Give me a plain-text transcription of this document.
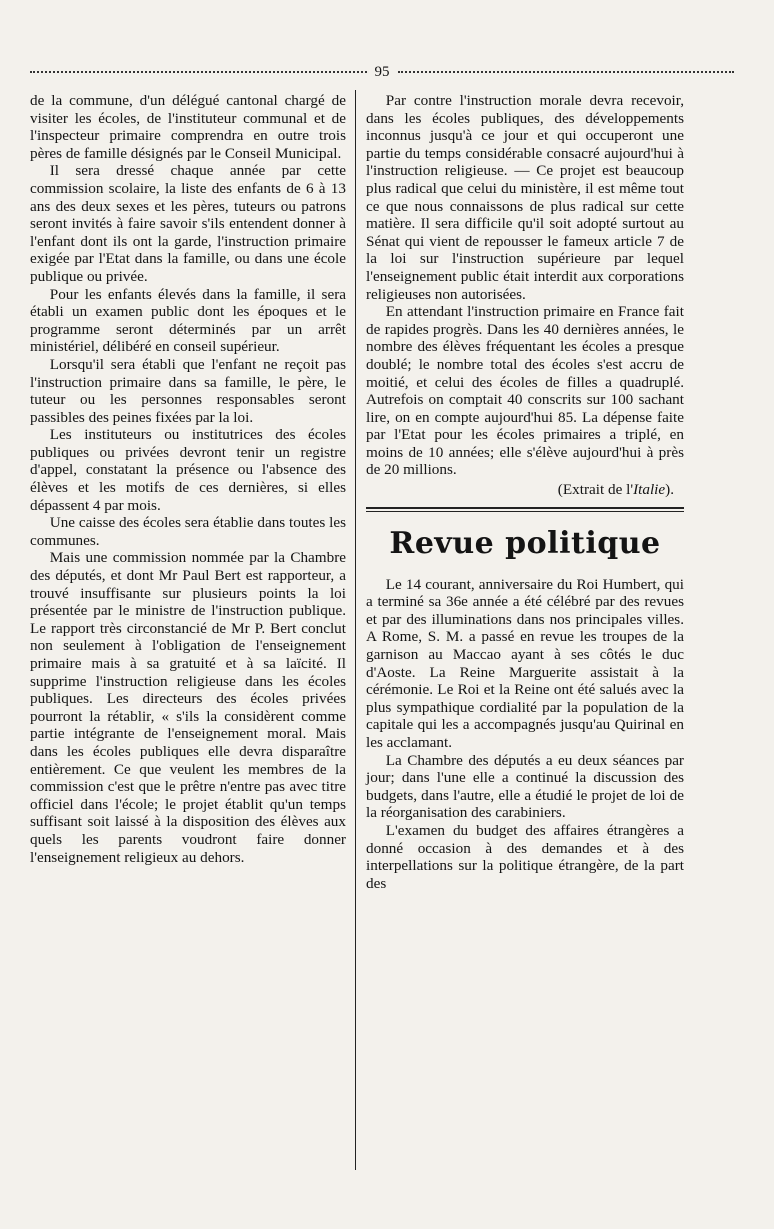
95

de la commune, d'un délégué cantonal chargé de visiter les écoles, de l'instituteur communal et de l'inspecteur primaire comprendra en outre trois pères de famille désignés par le Conseil Municipal.

Il sera dressé chaque année par cette commission scolaire, la liste des enfants de 6 à 13 ans des deux sexes et les pères, tuteurs ou patrons seront invités à faire savoir s'ils entendent donner à l'enfant dont ils ont la garde, l'instruction primaire exigée par l'Etat dans la famille, ou dans une école publique ou privée.

Pour les enfants élevés dans la famille, il sera établi un examen public dont les époques et le programme seront déterminés par un arrêt ministériel, délibéré en conseil supérieur.

Lorsqu'il sera établi que l'enfant ne reçoit pas l'instruction primaire dans sa famille, le père, le tuteur ou les personnes responsables seront passibles des peines fixées par la loi.

Les instituteurs ou institutrices des écoles publiques ou privées devront tenir un registre d'appel, constatant la présence ou l'absence des élèves et les motifs de ces dernières, si elles dépassent 4 par mois.

Une caisse des écoles sera établie dans toutes les communes.

Mais une commission nommée par la Chambre des députés, et dont Mr Paul Bert est rapporteur, a trouvé insuffisante sur plusieurs points la loi présentée par le ministre de l'instruction publique. Le rapport très circonstancié de Mr P. Bert conclut non seulement à l'obligation de l'enseignement primaire mais à sa gratuité et à sa laïcité. Il supprime l'instruction religieuse dans les écoles publiques. Les directeurs des écoles privées pourront la rétablir, « s'ils la considèrent comme partie intégrante de l'enseignement moral. Mais dans les écoles publiques elle devra disparaître entièrement. Ce que veulent les membres de la commission c'est que le prêtre n'entre pas avec titre officiel dans l'école; le projet établit qu'un temps suffisant soit laissé à la disposition des élèves aux quels les parents voudront faire donner l'enseignement religieux au dehors.

Par contre l'instruction morale devra recevoir, dans les écoles publiques, des développements inconnus jusqu'à ce jour et qui occuperont une partie du temps considérable consacré aujourd'hui à l'instruction religieuse. — Ce projet est beaucoup plus radical que celui du ministère, il est même tout ce que nous connaissons de plus radical sur cette matière. Il sera difficile qu'il soit adopté surtout au Sénat qui vient de repousser le fameux article 7 de la loi sur l'instruction supérieure par lequel l'enseignement public était interdit aux corporations religieuses non autorisées.

En attendant l'instruction primaire en France fait de rapides progrès. Dans les 40 dernières années, le nombre des élèves fréquentant les écoles a presque doublé; le nombre total des écoles s'est accru de moitié, et celui des écoles de filles a quadruplé. Autrefois on comptait 40 conscrits sur 100 sachant lire, on en compte aujourd'hui 85. La dépense faite par l'Etat pour les écoles primaires a triplé, en moins de 10 années; elle s'élève aujourd'hui à près de 20 millions.

(Extrait de l'Italie).
Revue politique

Le 14 courant, anniversaire du Roi Humbert, qui a terminé sa 36e année a été célébré par des revues et par des illuminations dans nos principales villes. A Rome, S. M. a passé en revue les troupes de la garnison au Maccao ayant à ses côtés le duc d'Aoste. La Reine Marguerite assistait à la cérémonie. Le Roi et la Reine ont été salués avec la plus sympathique cordialité par la population de la capitale qui les a accompagnés jusqu'au Quirinal en les acclamant.

La Chambre des députés a eu deux séances par jour; dans l'une elle a continué la discussion des budgets, dans l'autre, elle a étudié le projet de loi de la réorganisation des carabiniers.

L'examen du budget des affaires étrangères a donné occasion à des demandes et à des interpellations sur la politique étrangère, de la part des
